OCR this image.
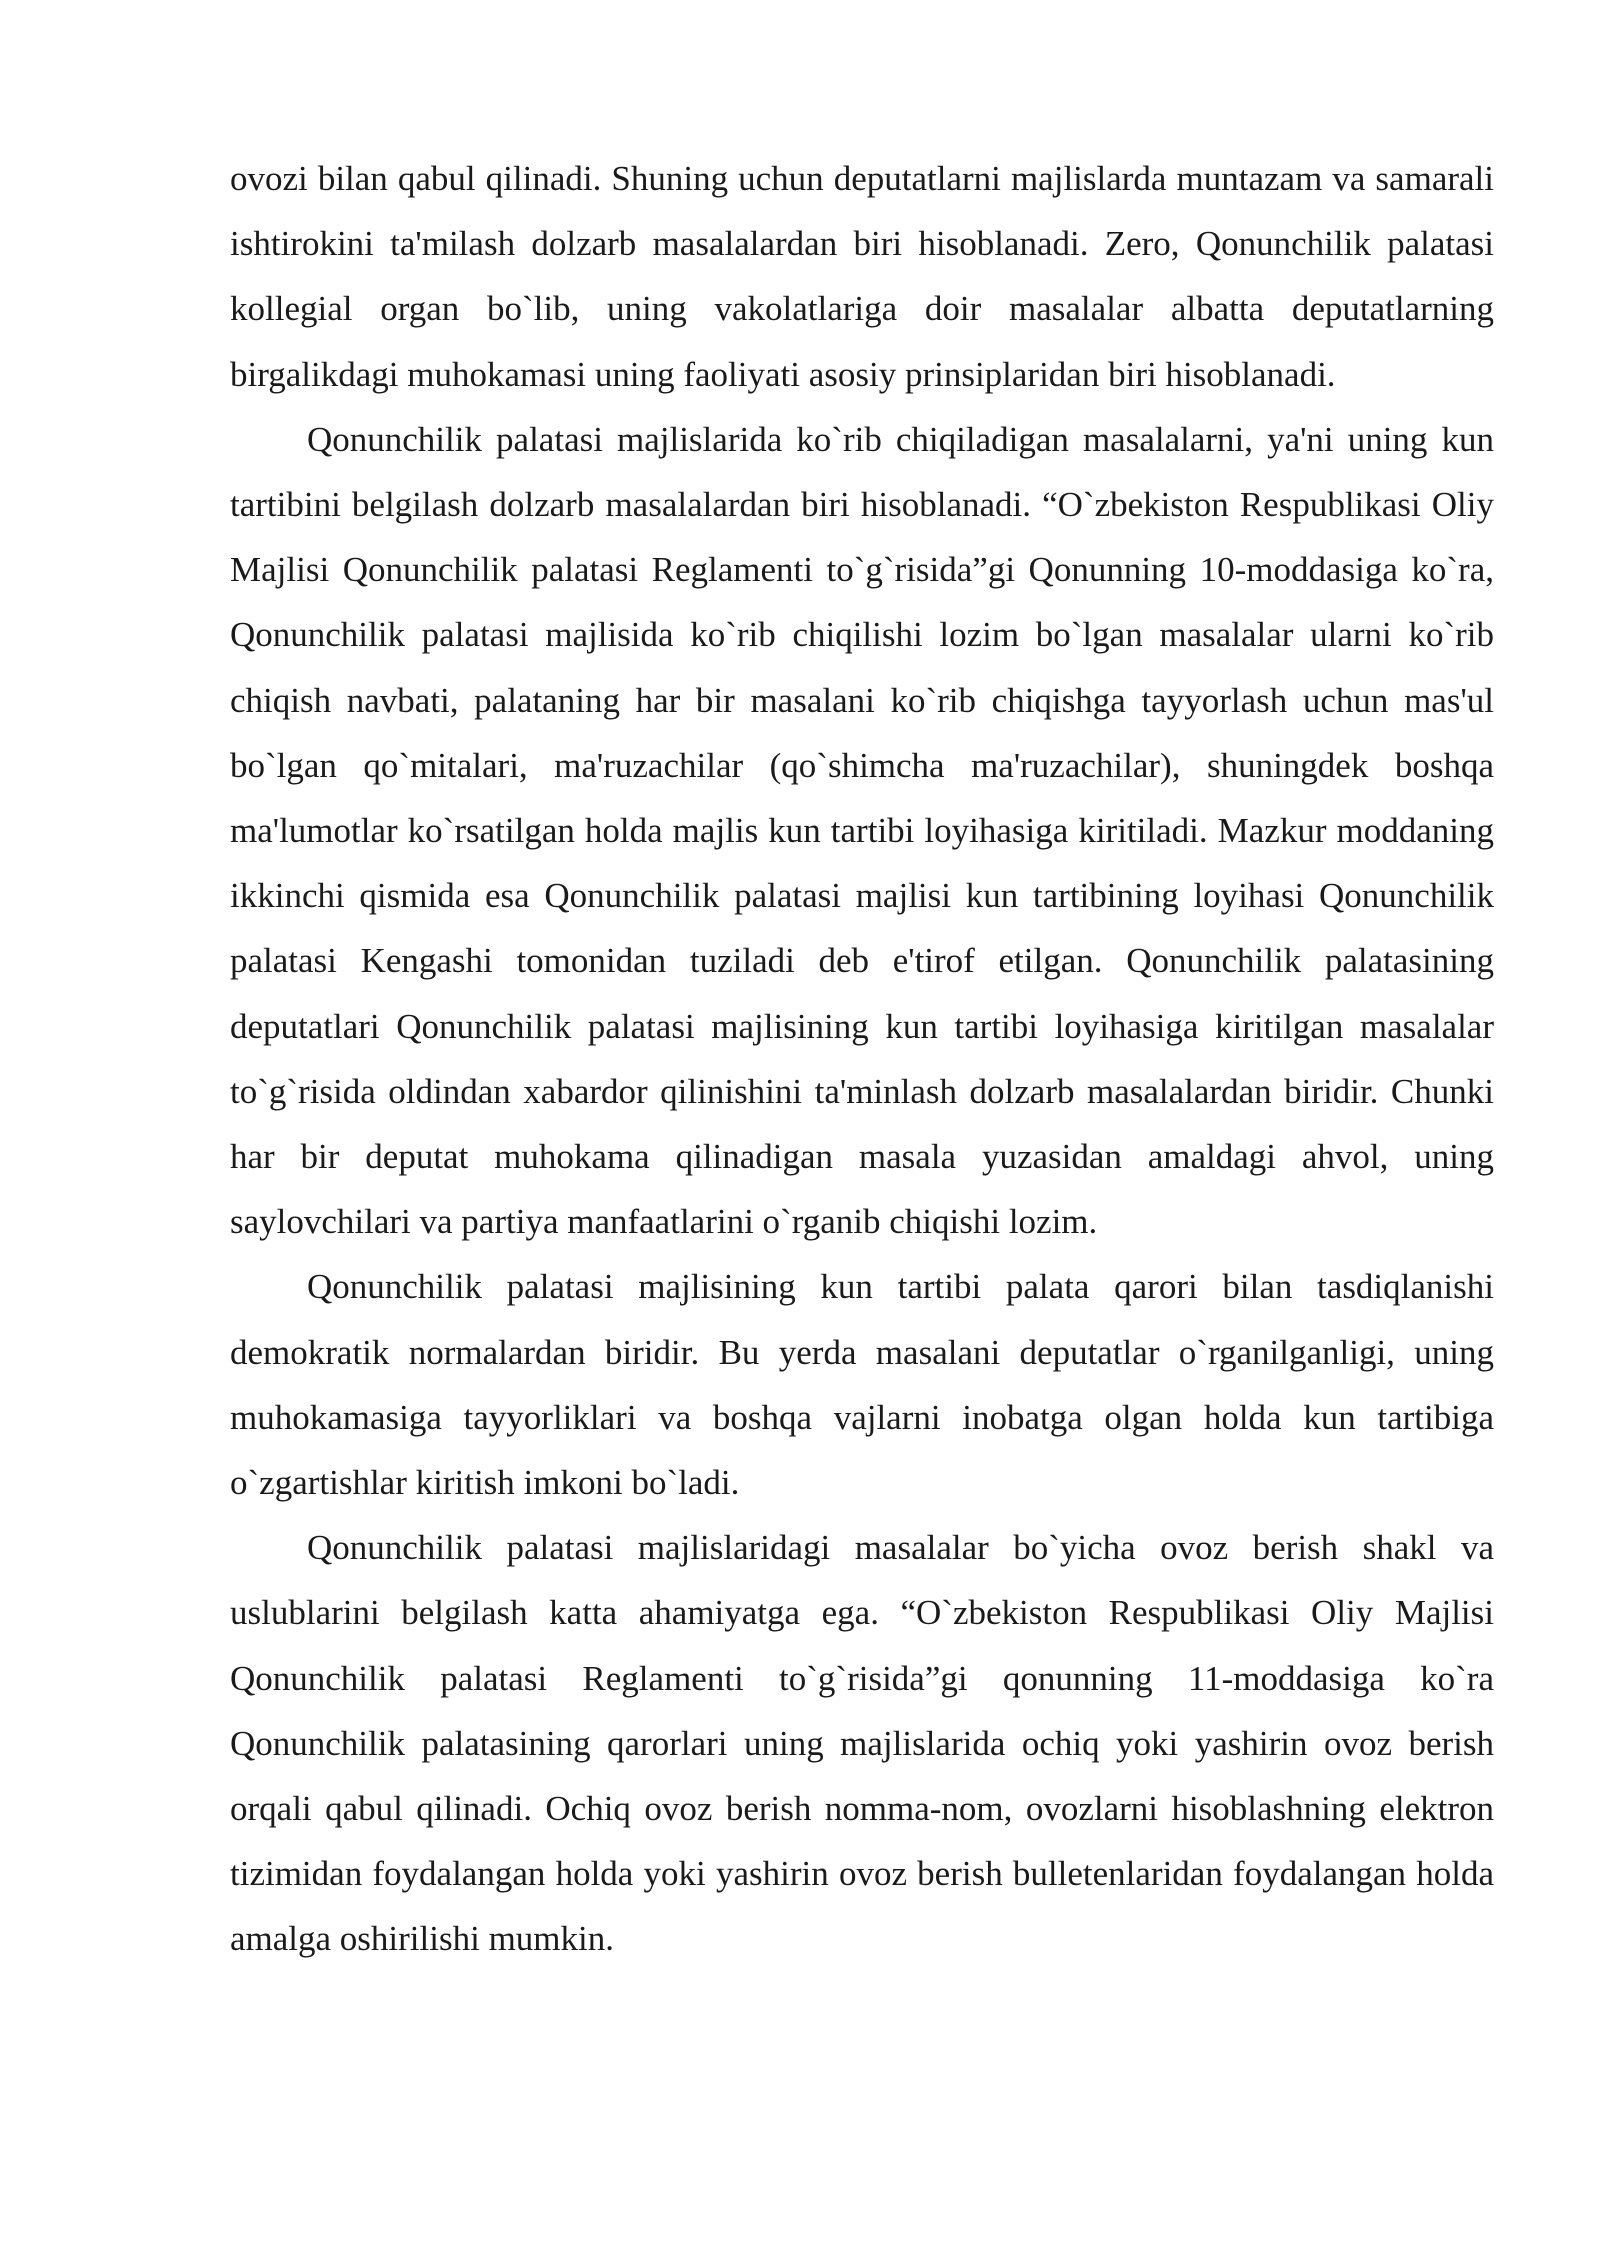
ovozi bilan qabul qilinadi. Shuning uchun deputatlarni majlislarda muntazam va samarali ishtirokini ta'milash dolzarb masalalardan biri hisoblanadi. Zero, Qonunchilik palatasi kollegial organ bo`lib, uning vakolatlariga doir masalalar albatta deputatlarning birgalikdagi muhokamasi uning faoliyati asosiy prinsiplaridan biri hisoblanadi.

Qonunchilik palatasi majlislarida ko`rib chiqiladigan masalalarni, ya'ni uning kun tartibini belgilash dolzarb masalalardan biri hisoblanadi. “O`zbekiston Respublikasi Oliy Majlisi Qonunchilik palatasi Reglamenti to`g`risida”gi Qonunning 10-moddasiga ko`ra, Qonunchilik palatasi majlisida ko`rib chiqilishi lozim bo`lgan masalalar ularni ko`rib chiqish navbati, palataning har bir masalani ko`rib chiqishga tayyorlash uchun mas'ul bo`lgan qo`mitalari, ma'ruzachilar (qo`shimcha ma'ruzachilar), shuningdek boshqa ma'lumotlar ko`rsatilgan holda majlis kun tartibi loyihasiga kiritiladi. Mazkur moddaning ikkinchi qismida esa Qonunchilik palatasi majlisi kun tartibining loyihasi Qonunchilik palatasi Kengashi tomonidan tuziladi deb e'tirof etilgan. Qonunchilik palatasining deputatlari Qonunchilik palatasi majlisining kun tartibi loyihasiga kiritilgan masalalar to`g`risida oldindan xabardor qilinishini ta'minlash dolzarb masalalardan biridir. Chunki har bir deputat muhokama qilinadigan masala yuzasidan amaldagi ahvol, uning saylovchilari va partiya manfaatlarini o`rganib chiqishi lozim.

Qonunchilik palatasi majlisining kun tartibi palata qarori bilan tasdiqlanishi demokratik normalardan biridir. Bu yerda masalani deputatlar o`rganilganligi, uning muhokamasiga tayyorliklari va boshqa vajlarni inobatga olgan holda kun tartibiga o`zgartishlar kiritish imkoni bo`ladi.

Qonunchilik palatasi majlislaridagi masalalar bo`yicha ovoz berish shakl va uslublarini belgilash katta ahamiyatga ega. “O`zbekiston Respublikasi Oliy Majlisi Qonunchilik palatasi Reglamenti to`g`risida”gi qonunning 11-moddasiga ko`ra Qonunchilik palatasining qarorlari uning majlislarida ochiq yoki yashirin ovoz berish orqali qabul qilinadi. Ochiq ovoz berish nomma-nom, ovozlarni hisoblashning elektron tizimidan foydalangan holda yoki yashirin ovoz berish bulletenlaridan foydalangan holda amalga oshirilishi mumkin.
